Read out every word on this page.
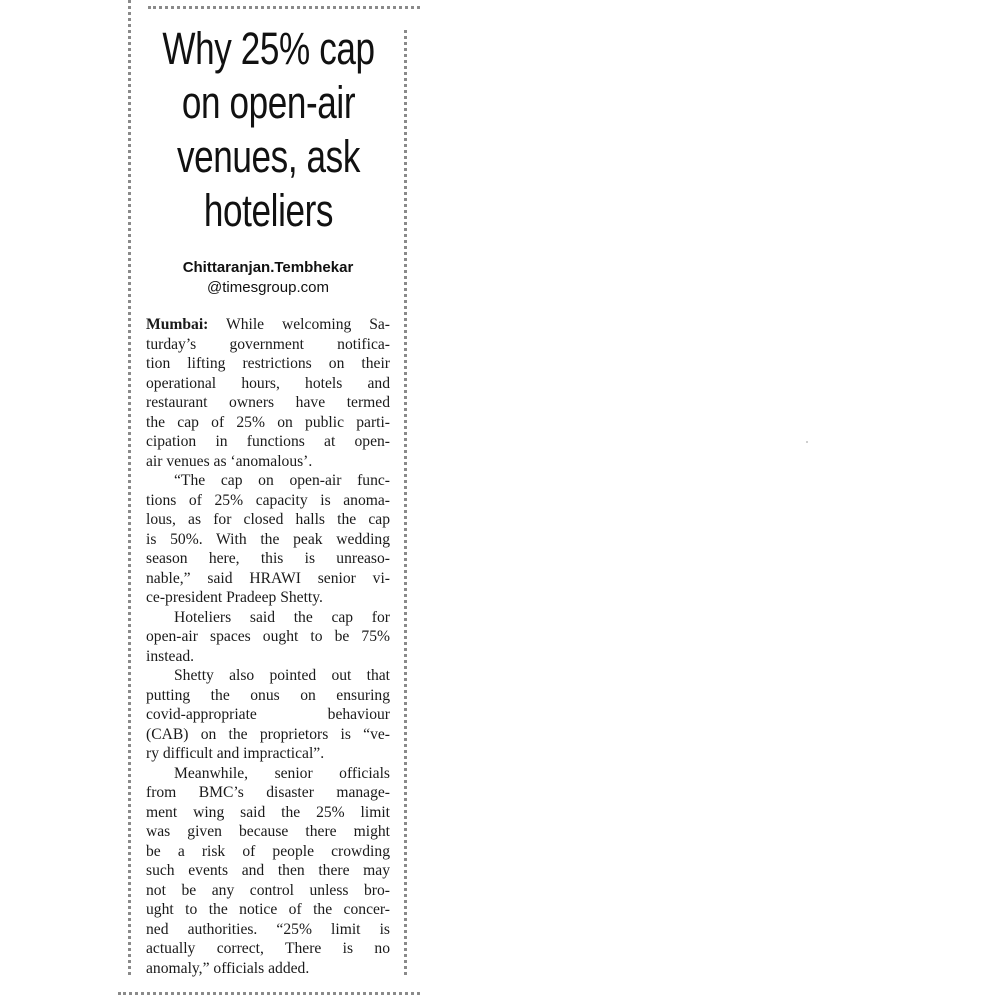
Why 25% cap on open-air venues, ask hoteliers
Chittaranjan.Tembhekar
@timesgroup.com
Mumbai: While welcoming Sa-
turday’s government notifica-
tion lifting restrictions on their
operational hours, hotels and
restaurant owners have termed
the cap of 25% on public parti-
cipation in functions at open-
air venues as ‘anomalous’.
“The cap on open-air func-
tions of 25% capacity is anoma-
lous, as for closed halls the cap
is 50%. With the peak wedding
season here, this is unreaso-
nable,” said HRAWI senior vi-
ce-president Pradeep Shetty.
Hoteliers said the cap for
open-air spaces ought to be 75%
instead.
Shetty also pointed out that
putting the onus on ensuring
covid-appropriate behaviour
(CAB) on the proprietors is “ve-
ry difficult and impractical”.
Meanwhile, senior officials
from BMC’s disaster manage-
ment wing said the 25% limit
was given because there might
be a risk of people crowding
such events and then there may
not be any control unless bro-
ught to the notice of the concer-
ned authorities. “25% limit is
actually correct, There is no
anomaly,” officials added.
